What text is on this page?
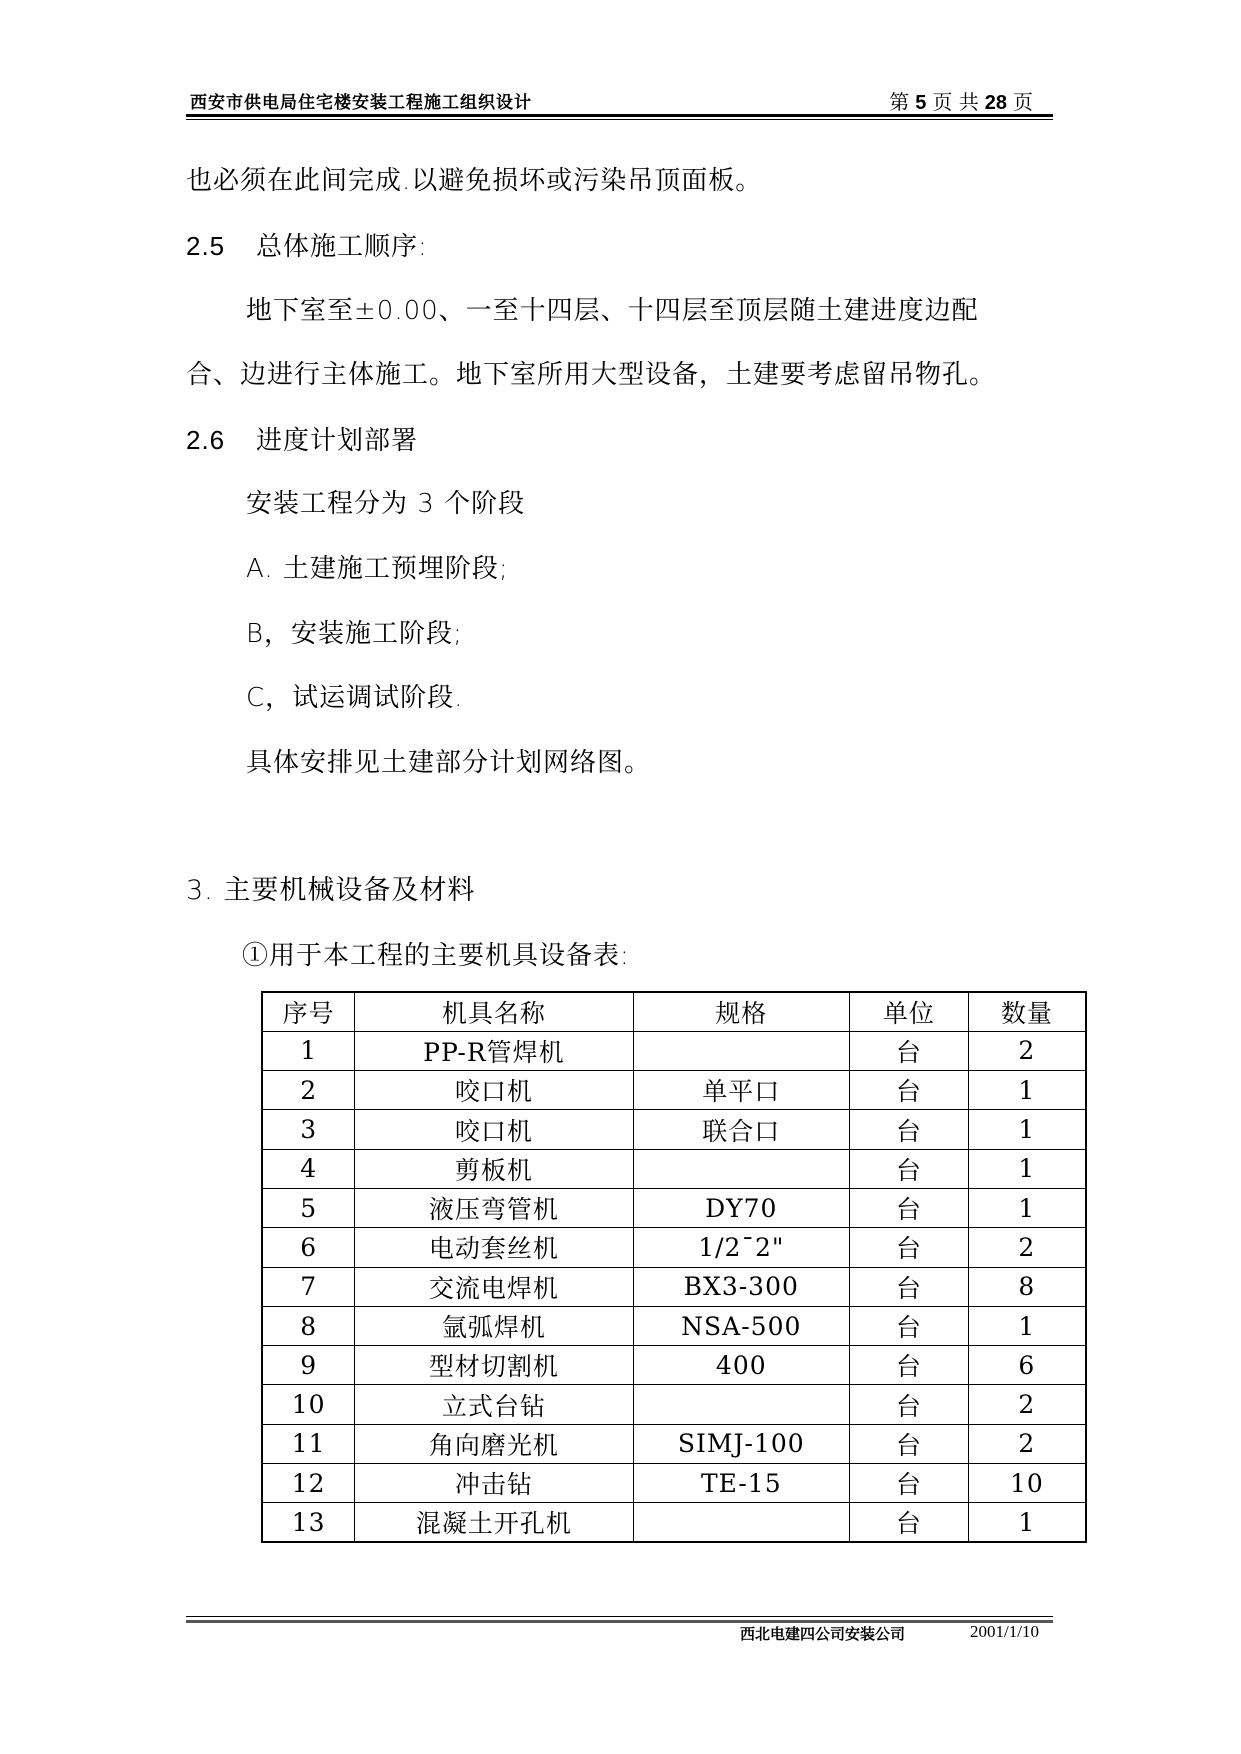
西安市供电局住宅楼安装工程施工组织设计	第 5 页 共 28 页
也必须在此间完成.以避免损坏或污染吊顶面板。
2.5 总体施工顺序:
地下室至±0.00、一至十四层、十四层至顶层随土建进度边配
合、边进行主体施工。地下室所用大型设备，土建要考虑留吊物孔。
2.6 进度计划部署
安装工程分为 3 个阶段
A. 土建施工预埋阶段;
B，安装施工阶段;
C，试运调试阶段.
具体安排见土建部分计划网络图。
3. 主要机械设备及材料
①用于本工程的主要机具设备表:
序号	机具名称	规格	单位	数量
1	PP-R管焊机		台	2
2	咬口机	单平口	台	1
3	咬口机	联合口	台	1
4	剪板机		台	1
5	液压弯管机	DY70	台	1
6	电动套丝机	1/2¯2"	台	2
7	交流电焊机	BX3-300	台	8
8	氩弧焊机	NSA-500	台	1
9	型材切割机	400	台	6
10	立式台钻		台	2
11	角向磨光机	SIMJ-100	台	2
12	冲击钻	TE-15	台	10
13	混凝土开孔机		台	1
西北电建四公司安装公司	2001/1/10
